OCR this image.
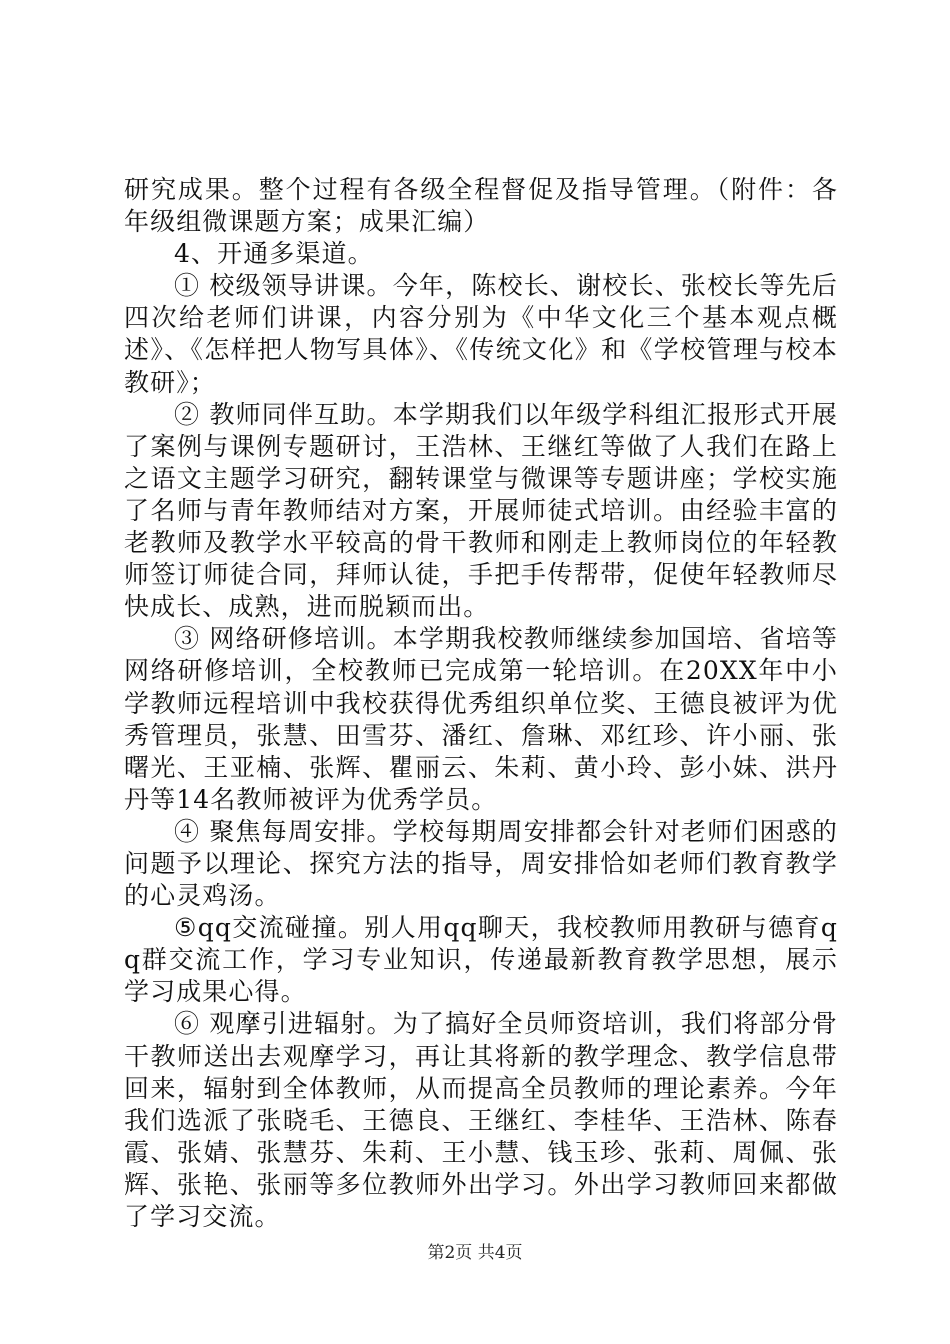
研究成果。整个过程有各级全程督促及指导管理。（附件：各年级组微课题方案；成果汇编）

4、开通多渠道。

① 校级领导讲课。今年，陈校长、谢校长、张校长等先后四次给老师们讲课，内容分别为《中华文化三个基本观点概述》、《怎样把人物写具体》、《传统文化》和《学校管理与校本教研》；

② 教师同伴互助。本学期我们以年级学科组汇报形式开展了案例与课例专题研讨，王浩林、王继红等做了人我们在路上之语文主题学习研究，翻转课堂与微课等专题讲座；学校实施了名师与青年教师结对方案，开展师徒式培训。由经验丰富的老教师及教学水平较高的骨干教师和刚走上教师岗位的年轻教师签订师徒合同，拜师认徒，手把手传帮带，促使年轻教师尽快成长、成熟，进而脱颖而出。

③ 网络研修培训。本学期我校教师继续参加国培、省培等网络研修培训，全校教师已完成第一轮培训。在20XX年中小学教师远程培训中我校获得优秀组织单位奖、王德良被评为优秀管理员，张慧、田雪芬、潘红、詹琳、邓红珍、许小丽、张曙光、王亚楠、张辉、瞿丽云、朱莉、黄小玲、彭小妹、洪丹丹等14名教师被评为优秀学员。

④ 聚焦每周安排。学校每期周安排都会针对老师们困惑的问题予以理论、探究方法的指导，周安排恰如老师们教育教学的心灵鸡汤。

⑤qq交流碰撞。别人用qq聊天，我校教师用教研与德育qq群交流工作，学习专业知识，传递最新教育教学思想，展示学习成果心得。

⑥ 观摩引进辐射。为了搞好全员师资培训，我们将部分骨干教师送出去观摩学习，再让其将新的教学理念、教学信息带回来，辐射到全体教师，从而提高全员教师的理论素养。今年我们选派了张晓毛、王德良、王继红、李桂华、王浩林、陈春霞、张婧、张慧芬、朱莉、王小慧、钱玉珍、张莉、周佩、张辉、张艳、张丽等多位教师外出学习。外出学习教师回来都做了学习交流。

第2页 共4页
